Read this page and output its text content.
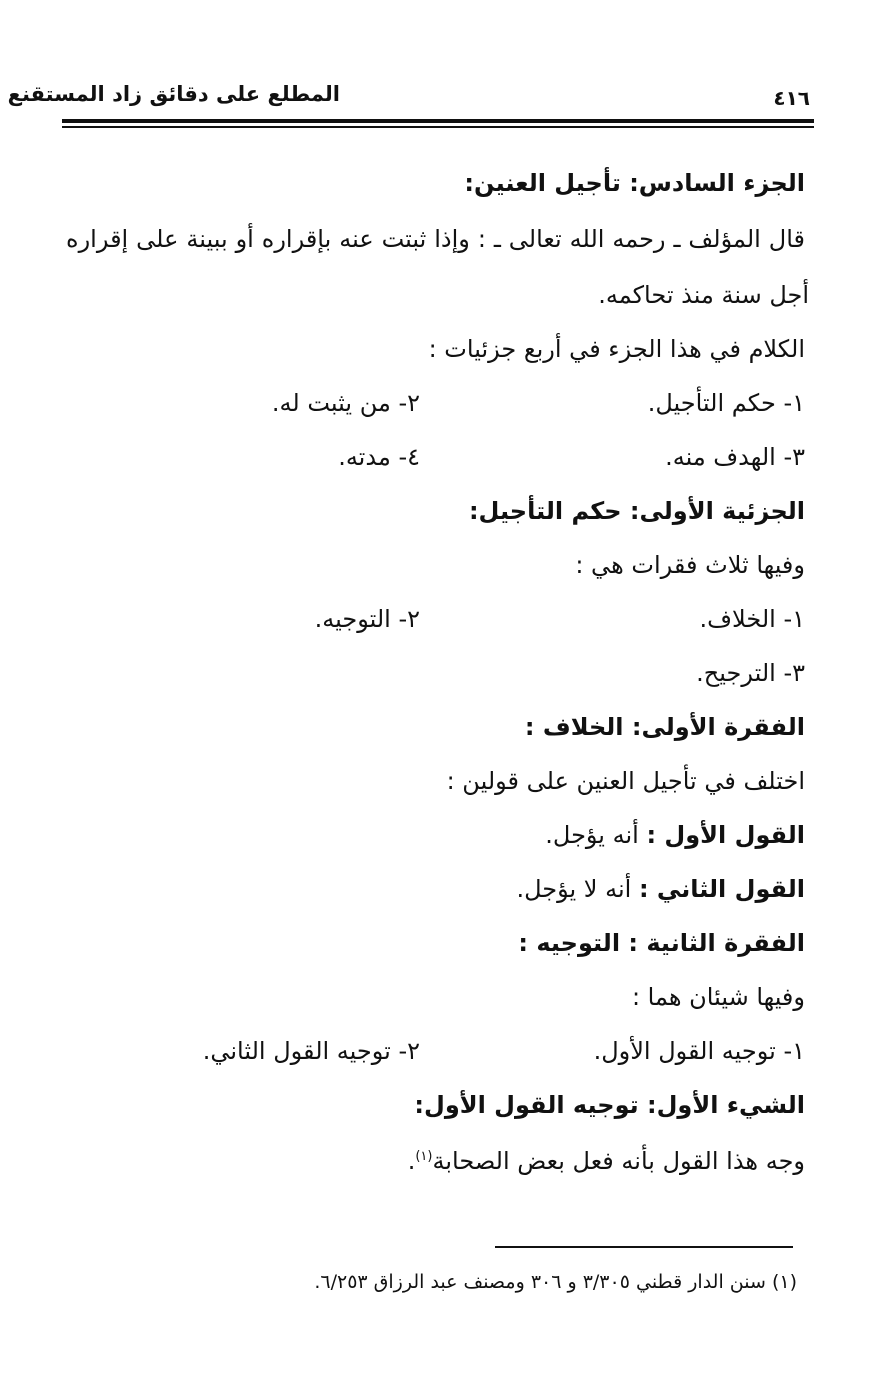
٤١٦
المطلع على دقائق زاد المستقنع
الجزء السادس: تأجيل العنين:
قال المؤلف ـ رحمه الله تعالى ـ : وإذا ثبتت عنه بإقراره أو ببينة على إقراره
أجل سنة منذ تحاكمه.
الكلام في هذا الجزء في أربع جزئيات :
١- حكم التأجيل.
٢- من يثبت له.
٣- الهدف منه.
٤- مدته.
الجزئية الأولى: حكم التأجيل:
وفيها ثلاث فقرات هي :
١- الخلاف.
٢- التوجيه.
٣- الترجيح.
الفقرة الأولى: الخلاف :
اختلف في تأجيل العنين على قولين :
القول الأول : أنه يؤجل.
القول الثاني : أنه لا يؤجل.
الفقرة الثانية : التوجيه :
وفيها شيئان هما :
١- توجيه القول الأول.
٢- توجيه القول الثاني.
الشيء الأول: توجيه القول الأول:
وجه هذا القول بأنه فعل بعض الصحابة$^{(١)}$.
(١) سنن الدار قطني ٣/٣٠٥ و ٣٠٦ ومصنف عبد الرزاق ٦/٢٥٣.
